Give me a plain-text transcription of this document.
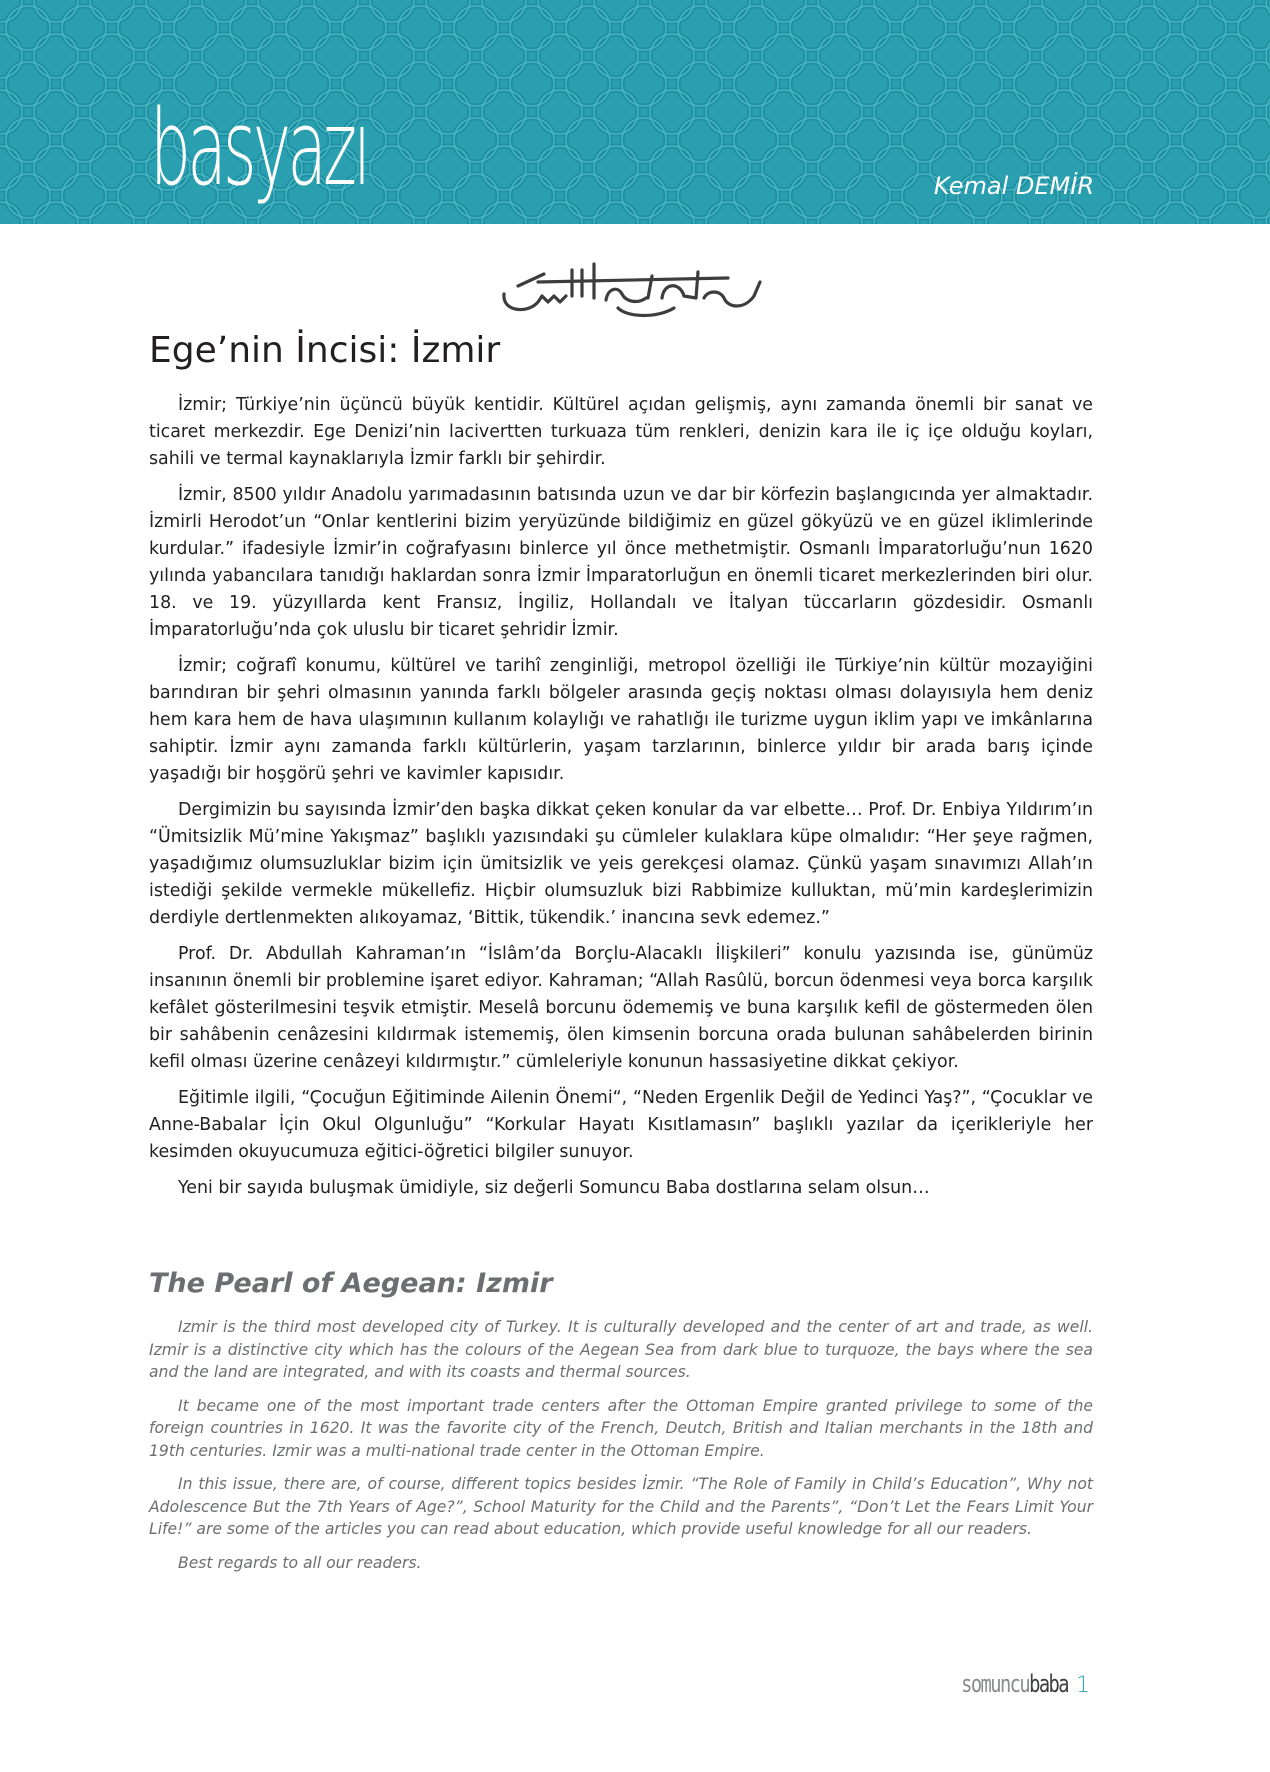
basyazı	Kemal DEMİR
Ege’nin İncisi: İzmir

İzmir; Türkiye’nin üçüncü büyük kentidir. Kültürel açıdan gelişmiş, aynı zamanda önemli bir sanat ve ticaret merkezdir. Ege Denizi’nin lacivertten turkuaza tüm renkleri, denizin kara ile iç içe olduğu koyları, sahili ve termal kaynaklarıyla İzmir farklı bir şehirdir.

İzmir, 8500 yıldır Anadolu yarımadasının batısında uzun ve dar bir körfezin başlangıcında yer almaktadır. İzmirli Herodot’un “Onlar kentlerini bizim yeryüzünde bildiğimiz en güzel gökyüzü ve en güzel iklimlerinde kurdular.” ifadesiyle İzmir’in coğrafyasını binlerce yıl önce methetmiştir. Osmanlı İmparatorluğu’nun 1620 yılında yabancılara tanıdığı haklardan sonra İzmir İmparatorluğun en önemli ticaret merkezlerinden biri olur. 18. ve 19. yüzyıllarda kent Fransız, İngiliz, Hollandalı ve İtalyan tüccarların gözdesidir. Osmanlı İmparatorluğu’nda çok uluslu bir ticaret şehridir İzmir.

İzmir; coğrafî konumu, kültürel ve tarihî zenginliği, metropol özelliği ile Türkiye’nin kültür mozayiğini barındıran bir şehri olmasının yanında farklı bölgeler arasında geçiş noktası olması dolayısıyla hem deniz hem kara hem de hava ulaşımının kullanım kolaylığı ve rahatlığı ile turizme uygun iklim yapı ve imkânlarına sahiptir. İzmir aynı zamanda farklı kültürlerin, yaşam tarzlarının, binlerce yıldır bir arada barış içinde yaşadığı bir hoşgörü şehri ve kavimler kapısıdır.

Dergimizin bu sayısında İzmir’den başka dikkat çeken konular da var elbette… Prof. Dr. Enbiya Yıldırım’ın “Ümitsizlik Mü’mine Yakışmaz” başlıklı yazısındaki şu cümleler kulaklara küpe olmalıdır: “Her şeye rağmen, yaşadığımız olumsuzluklar bizim için ümitsizlik ve yeis gerekçesi olamaz. Çünkü yaşam sınavımızı Allah’ın istediği şekilde vermekle mükellefiz. Hiçbir olumsuzluk bizi Rabbimize kulluktan, mü’min kardeşlerimizin derdiyle dertlenmekten alıkoyamaz, ‘Bittik, tükendik.’ inancına sevk edemez.”

Prof. Dr. Abdullah Kahraman’ın “İslâm’da Borçlu-Alacaklı İlişkileri” konulu yazısında ise, günümüz insanının önemli bir problemine işaret ediyor. Kahraman; “Allah Rasûlü, borcun ödenmesi veya borca karşılık kefâlet gösterilmesini teşvik etmiştir. Meselâ borcunu ödememiş ve buna karşılık kefil de göstermeden ölen bir sahâbenin cenâzesini kıldırmak istememiş, ölen kimsenin borcuna orada bulunan sahâbelerden birinin kefil olması üzerine cenâzeyi kıldırmıştır.” cümleleriyle konunun hassasiyetine dikkat çekiyor.

Eğitimle ilgili, “Çocuğun Eğitiminde Ailenin Önemi“, “Neden Ergenlik Değil de Yedinci Yaş?”, “Çocuklar ve Anne-Babalar İçin Okul Olgunluğu” “Korkular Hayatı Kısıtlamasın” başlıklı yazılar da içerikleriyle her kesimden okuyucumuza eğitici-öğretici bilgiler sunuyor.

Yeni bir sayıda buluşmak ümidiyle, siz değerli Somuncu Baba dostlarına selam olsun…

The Pearl of Aegean: Izmir

Izmir is the third most developed city of Turkey. It is culturally developed and the center of art and trade, as well. Izmir is a distinctive city which has the colours of the Aegean Sea from dark blue to turquoze, the bays where the sea and the land are integrated, and with its coasts and thermal sources.

It became one of the most important trade centers after the Ottoman Empire granted privilege to some of the foreign countries in 1620. It was the favorite city of the French, Deutch, British and Italian merchants in the 18th and 19th centuries. Izmir was a multi-national trade center in the Ottoman Empire.

In this issue, there are, of course, different topics besides İzmir. “The Role of Family in Child’s Education”, Why not Adolescence But the 7th Years of Age?”, School Maturity for the Child and the Parents”, “Don’t Let the Fears Limit Your Life!” are some of the articles you can read about education, which provide useful knowledge for all our readers.

Best regards to all our readers.

somuncubaba 1
